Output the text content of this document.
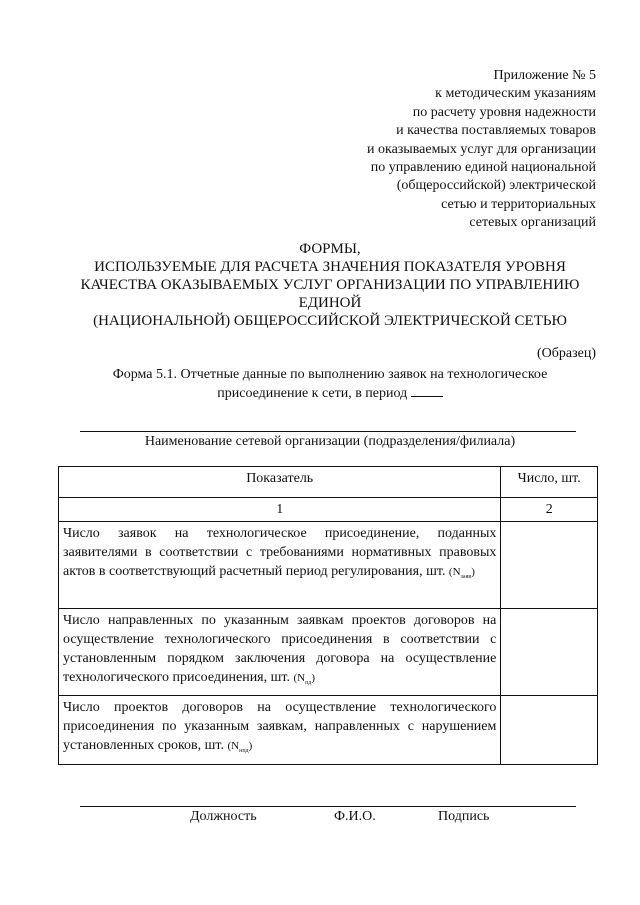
Приложение № 5
к методическим указаниям
по расчету уровня надежности
и качества поставляемых товаров
и оказываемых услуг для организации
по управлению единой национальной
(общероссийской) электрической
сетью и территориальных
сетевых организаций
ФОРМЫ,
ИСПОЛЬЗУЕМЫЕ ДЛЯ РАСЧЕТА ЗНАЧЕНИЯ ПОКАЗАТЕЛЯ УРОВНЯ
КАЧЕСТВА ОКАЗЫВАЕМЫХ УСЛУГ ОРГАНИЗАЦИИ ПО УПРАВЛЕНИЮ
ЕДИНОЙ
(НАЦИОНАЛЬНОЙ) ОБЩЕРОССИЙСКОЙ ЭЛЕКТРИЧЕСКОЙ СЕТЬЮ
(Образец)
Форма 5.1. Отчетные данные по выполнению заявок на технологическое
присоединение к сети, в период
Наименование сетевой организации (подразделения/филиала)
Показатель	Число, шт.
1	2
Число заявок на технологическое присоединение, поданных заявителями в соответствии с требованиями нормативных правовых актов в соответствующий расчетный период регулирования, шт. $(N_{заяв})$	
Число направленных по указанным заявкам проектов договоров на осуществление технологического присоединения в соответствии с установленным порядком заключения договора на осуществление технологического присоединения, шт. $(N_{пд})$	
Число проектов договоров на осуществление технологического присоединения по указанным заявкам, направленных с нарушением установленных сроков, шт. $(N_{нпд})$	
Должность	Ф.И.О.	Подпись
